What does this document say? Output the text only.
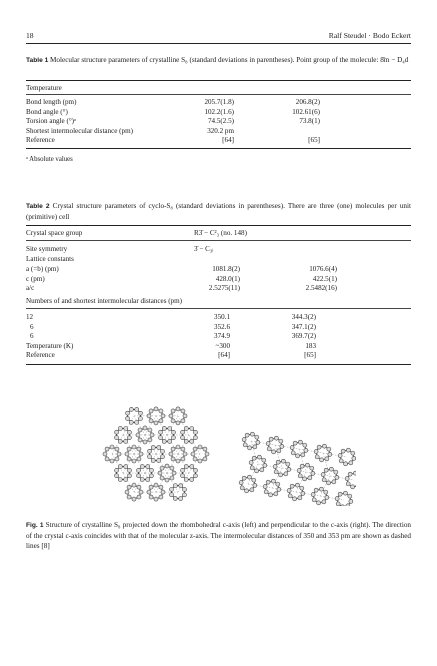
18	Ralf Steudel · Bodo Eckert
Table 1 Molecular structure parameters of crystalline S₈ (standard deviations in parentheses). Point group of the molecule: 8̄m − D₄d
Temperature
Bond length (pm)	205.7(1.8)	206.8(2)
Bond angle (°)	102.2(1.6)	102.61(6)
Torsion angle (°)ᵃ	74.5(2.5)	73.8(1)
Shortest intermolecular distance (pm)	320.2 pm
Reference	[64]	[65]
ᵃ Absolute values
Table 2 Crystal structure parameters of cyclo-S₈ (standard deviations in parentheses). There are three (one) molecules per unit (primitive) cell
Crystal space group	R3̄ − C²₃ (no. 148)
Site symmetry	3̄ − C₃ᵢ
Lattice constants
a (=b) (pm)	1081.8(2)	1076.6(4)
c (pm)	428.0(1)	422.5(1)
a/c	2.5275(11)	2.5482(16)
Numbers of and shortest intermolecular distances (pm)
12	350.1	344.3(2)
6	352.6	347.1(2)
6	374.9	369.7(2)
Temperature (K)	~300	183
Reference	[64]	[65]
Fig. 1 Structure of crystalline S₈ projected down the rhombohedral c-axis (left) and perpendicular to the c-axis (right). The direction of the crystal c-axis coincides with that of the molecular z-axis. The intermolecular distances of 350 and 353 pm are shown as dashed lines [8]
